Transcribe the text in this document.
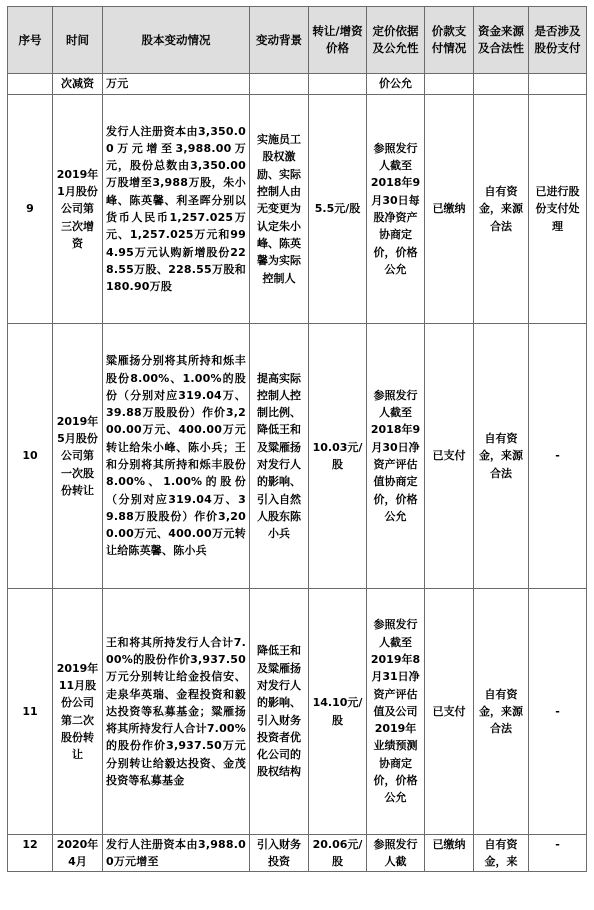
序号	时间	股本变动情况	变动背景	转让/增资价格	定价依据及公允性	价款支付情况	资金来源及合法性	是否涉及股份支付
	次减资	万元			价公允			
9	2019年1月股份公司第三次增资	发行人注册资本由3,350.00万元增至3,988.00万元，股份总数由3,350.00万股增至3,988万股，朱小峰、陈英馨、利圣晖分别以货币人民币1,257.025万元、1,257.025万元和994.95万元认购新增股份228.55万股、228.55万股和180.90万股	实施员工股权激励、实际控制人由无变更为认定朱小峰、陈英馨为实际控制人	5.5元/股	参照发行人截至2018年9月30日每股净资产协商定价，价格公允	已缴纳	自有资金，来源合法	已进行股份支付处理
10	2019年5月股份公司第一次股份转让	粱雁扬分别将其所持和烁丰股份8.00%、1.00%的股份（分别对应319.04万、39.88万股股份）作价3,200.00万元、400.00万元转让给朱小峰、陈小兵；王和分别将其所持和烁丰股份8.00%、1.00%的股份（分别对应319.04万、39.88万股股份）作价3,200.00万元、400.00万元转让给陈英馨、陈小兵	提高实际控制人控制比例、降低王和及粱雁扬对发行人的影响、引入自然人股东陈小兵	10.03元/股	参照发行人截至2018年9月30日净资产评估值协商定价，价格公允	已支付	自有资金，来源合法	-
11	2019年11月股份公司第二次股份转让	王和将其所持发行人合计7.00%的股份作价3,937.50万元分别转让给金投信安、走泉华英瑞、金程投资和毅达投资等私募基金；粱雁扬将其所持发行人合计7.00%的股份作价3,937.50万元分别转让给毅达投资、金茂投资等私募基金	降低王和及粱雁扬对发行人的影响、引入财务投资者优化公司的股权结构	14.10元/股	参照发行人截至2019年8月31日净资产评估值及公司2019年业绩预测协商定价，价格公允	已支付	自有资金，来源合法	-
12	2020年4月	发行人注册资本由3,988.00万元增至	引入财务投资	20.06元/股	参照发行人截	已缴纳	自有资金，来	-
